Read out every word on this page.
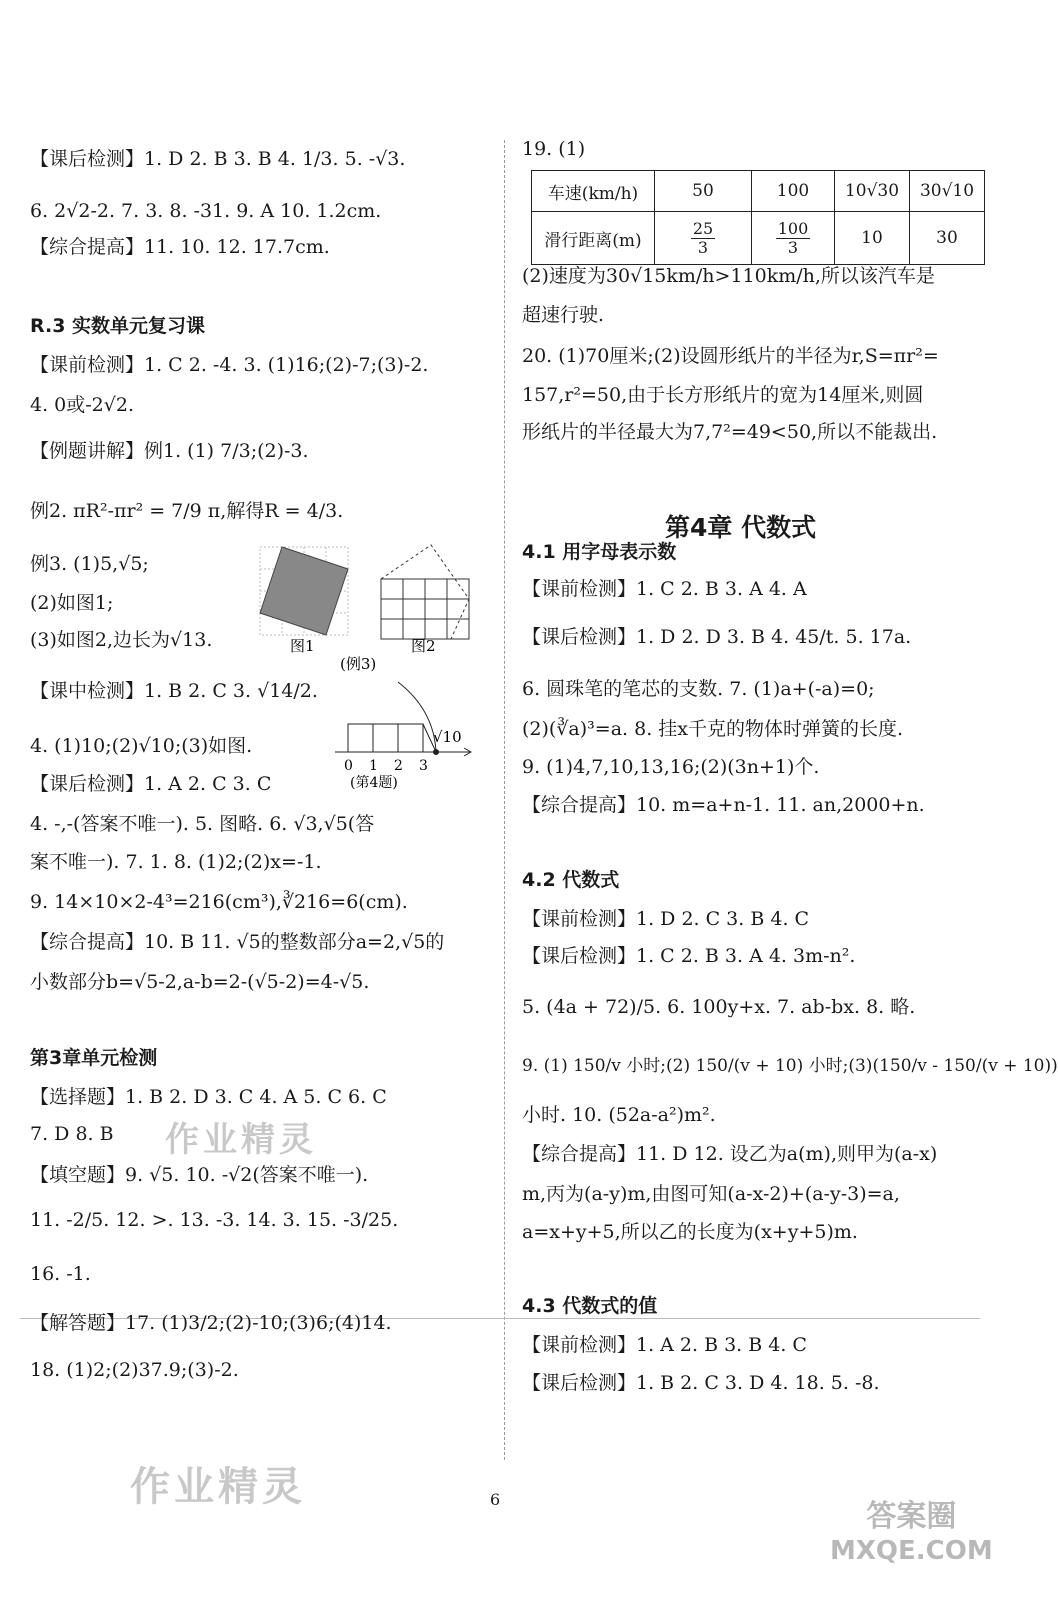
【课后检测】1. D 2. B 3. B 4. 1/3. 5. -√3.
6. 2√2-2. 7. 3. 8. -31. 9. A 10. 1.2cm.
【综合提高】11. 10. 12. 17.7cm.
R.3 实数单元复习课
【课前检测】1. C 2. -4. 3. (1)16;(2)-7;(3)-2.
4. 0或-2√2.
【例题讲解】例1. (1) 7/3;(2)-3.
例2. πR²-πr² = 7/9 π,解得R = 4/3.
例3. (1)5,√5;
(2)如图1;
(3)如图2,边长为√13.	图1	图2
(例3)
【课中检测】1. B 2. C 3. √14/2.
4. (1)10;(2)√10;(3)如图.
0 1 2 3
√10
(第4题)
【课后检测】1. A 2. C 3. C
4. -,-(答案不唯一). 5. 图略. 6. √3,√5(答
案不唯一). 7. 1. 8. (1)2;(2)x=-1.
9. 14×10×2-4³=216(cm³),∛216=6(cm).
【综合提高】10. B 11. √5的整数部分a=2,√5的
小数部分b=√5-2,a-b=2-(√5-2)=4-√5.
第3章单元检测
【选择题】1. B 2. D 3. C 4. A 5. C 6. C
7. D 8. B
【填空题】9. √5. 10. -√2(答案不唯一).
11. -2/5. 12. >. 13. -3. 14. 3. 15. -3/25.
16. -1.
【解答题】17. (1)3/2;(2)-10;(3)6;(4)14.
18. (1)2;(2)37.9;(3)-2.
19. (1)
车速(km/h)	50	100	10√30	30√10
滑行距离(m)	$\frac{25}{3}$	$\frac{100}{3}$	10	30
(2)速度为30√15km/h>110km/h,所以该汽车是
超速行驶.
20. (1)70厘米;(2)设圆形纸片的半径为r,S=πr²=
157,r²=50,由于长方形纸片的宽为14厘米,则圆
形纸片的半径最大为7,7²=49<50,所以不能裁出.
第4章 代数式
4.1 用字母表示数
【课前检测】1. C 2. B 3. A 4. A
【课后检测】1. D 2. D 3. B 4. 45/t. 5. 17a.
6. 圆珠笔的笔芯的支数. 7. (1)a+(-a)=0;
(2)(∛a)³=a. 8. 挂x千克的物体时弹簧的长度.
9. (1)4,7,10,13,16;(2)(3n+1)个.
【综合提高】10. m=a+n-1. 11. an,2000+n.
4.2 代数式
【课前检测】1. D 2. C 3. B 4. C
【课后检测】1. C 2. B 3. A 4. 3m-n².
5. (4a + 72)/5. 6. 100y+x. 7. ab-bx. 8. 略.
9. (1) 150/v 小时;(2) 150/(v + 10) 小时;(3)(150/v - 150/(v + 10))
小时. 10. (52a-a²)m².
【综合提高】11. D 12. 设乙为a(m),则甲为(a-x)
m,丙为(a-y)m,由图可知(a-x-2)+(a-y-3)=a,
a=x+y+5,所以乙的长度为(x+y+5)m.
4.3 代数式的值
【课前检测】1. A 2. B 3. B 4. C
【课后检测】1. B 2. C 3. D 4. 18. 5. -8.
作业精灵
作业精灵	6	答案圈
MXQE.COM
